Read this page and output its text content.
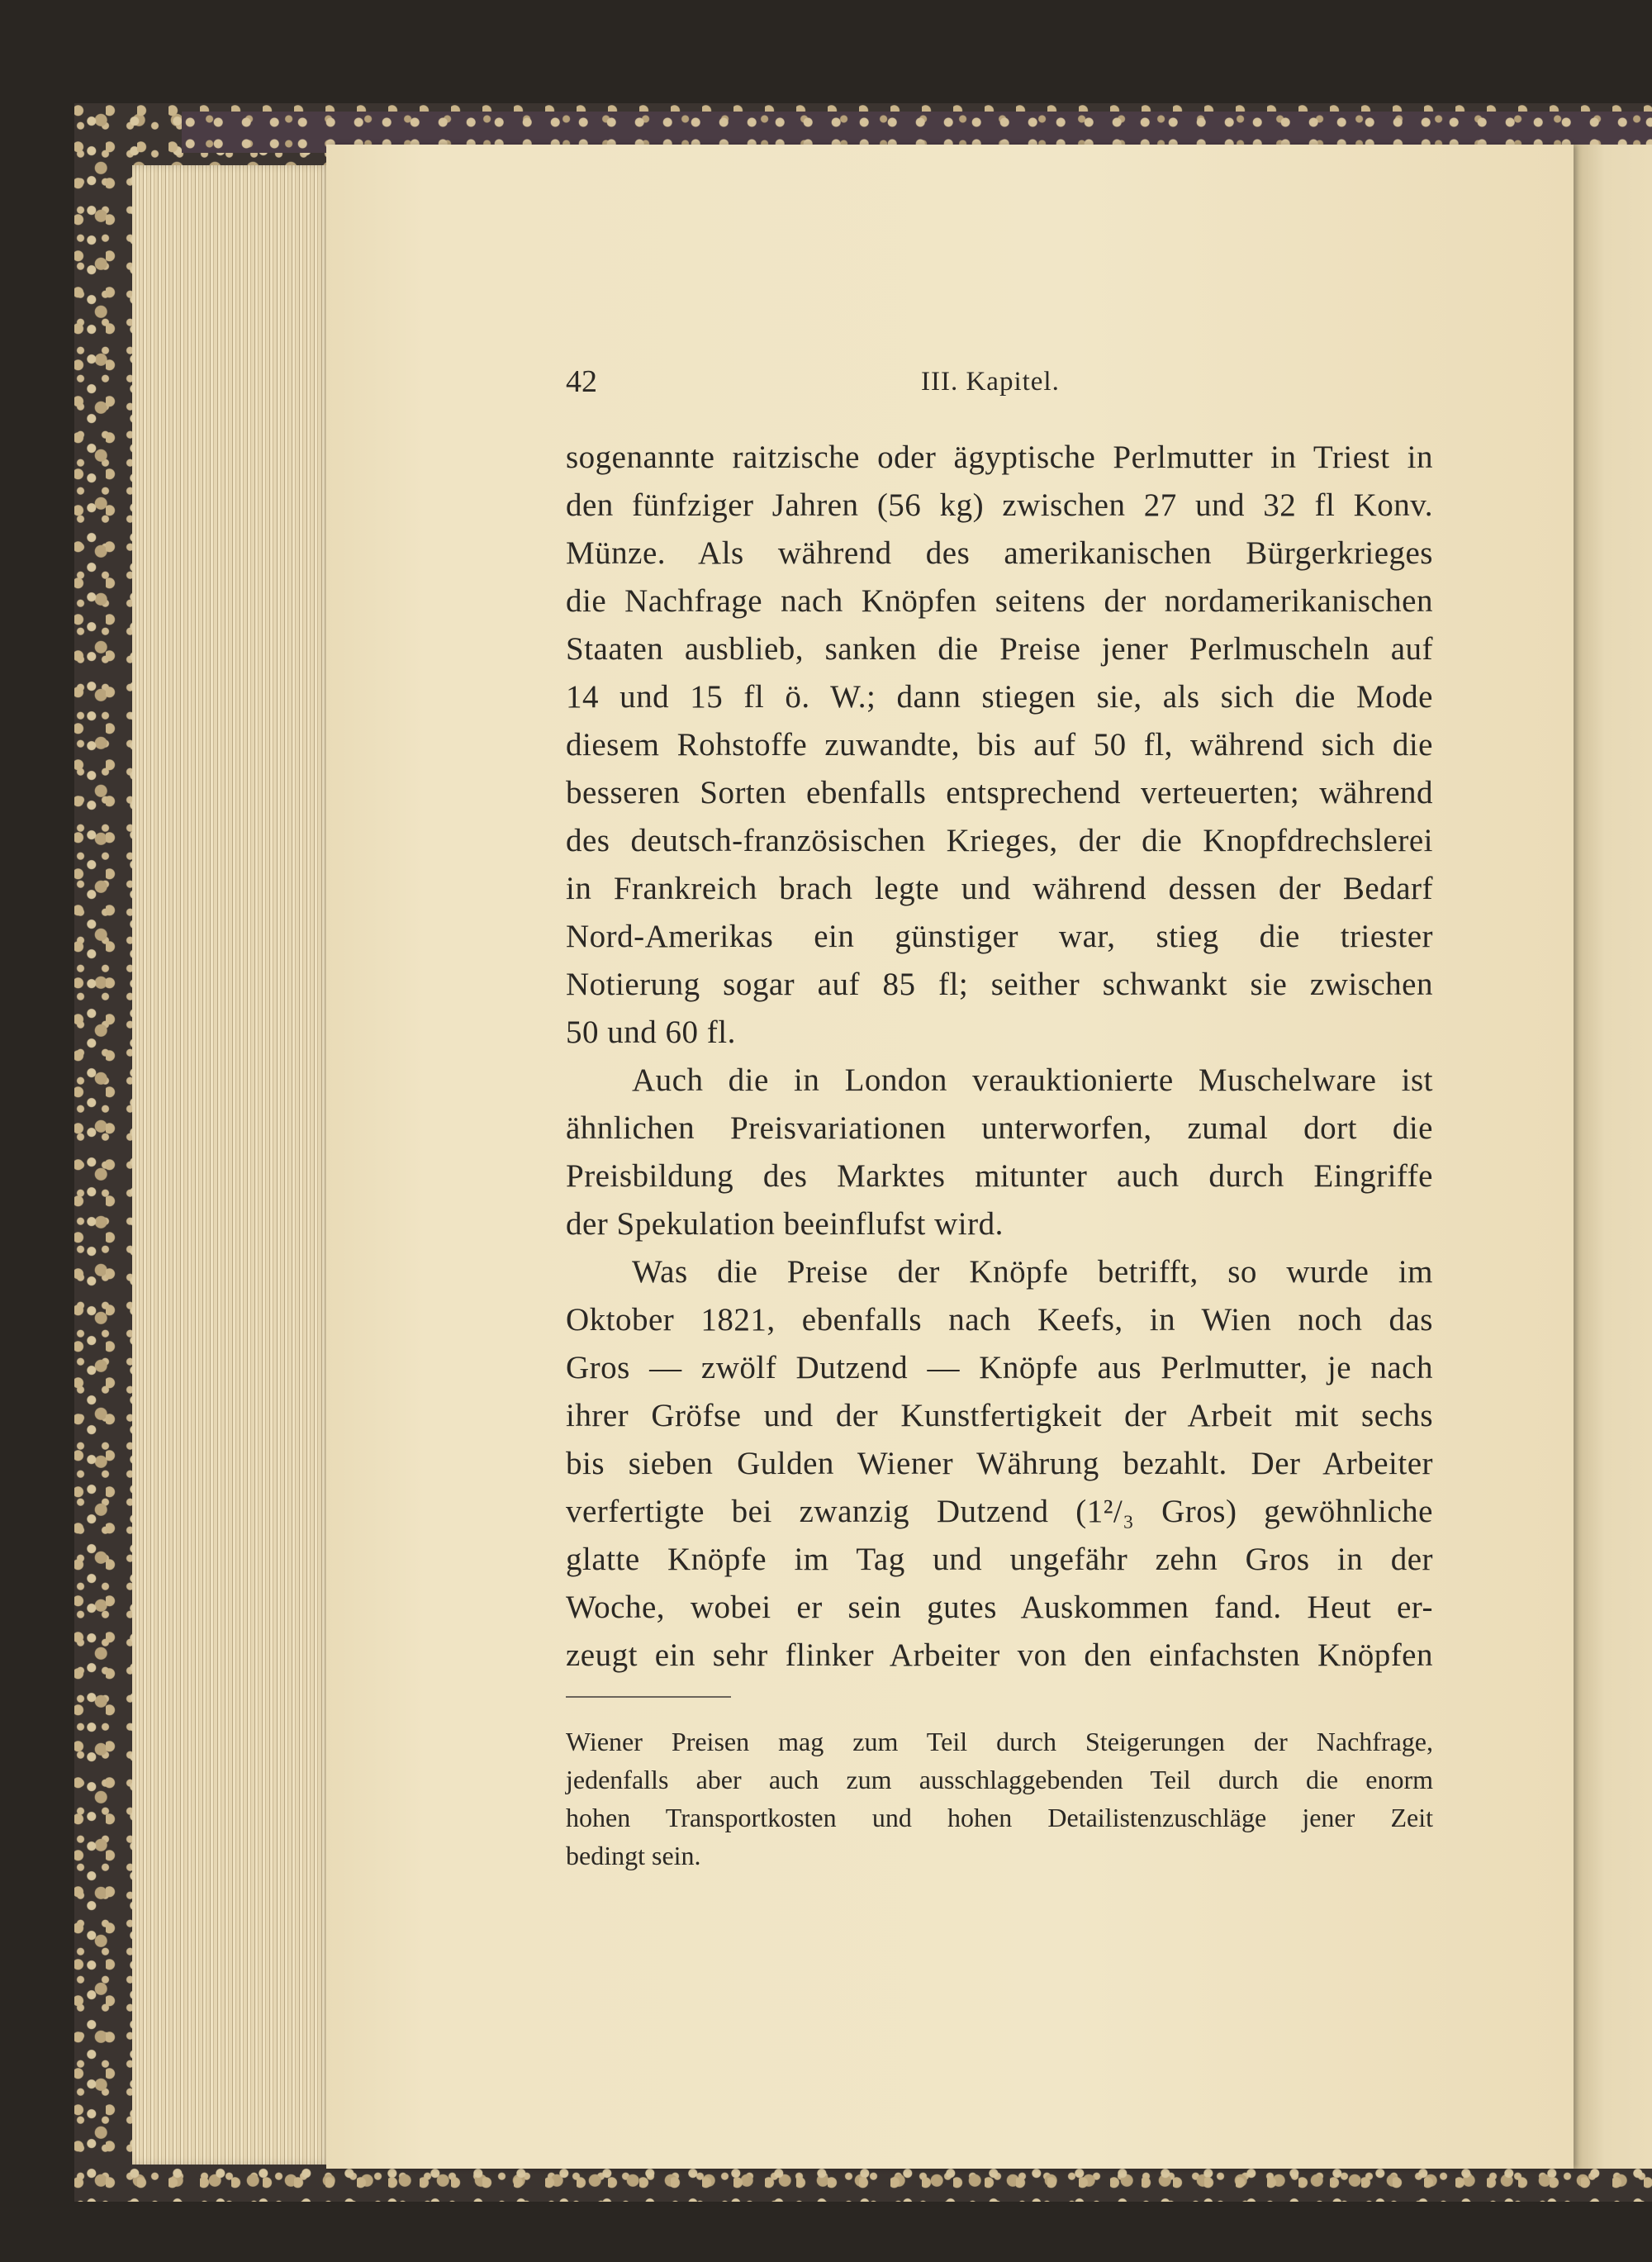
42	III. Kapitel.
sogenannte raitzische oder ägyptische Perlmutter in Triest in
den fünfziger Jahren (56 kg) zwischen 27 und 32 fl Konv.
Münze. Als während des amerikanischen Bürgerkrieges
die Nachfrage nach Knöpfen seitens der nordamerikanischen
Staaten ausblieb, sanken die Preise jener Perlmuscheln auf
14 und 15 fl ö. W.; dann stiegen sie, als sich die Mode
diesem Rohstoffe zuwandte, bis auf 50 fl, während sich die
besseren Sorten ebenfalls entsprechend verteuerten; während
des deutsch-französischen Krieges, der die Knopfdrechslerei
in Frankreich brach legte und während dessen der Bedarf
Nord-Amerikas ein günstiger war, stieg die triester
Notierung sogar auf 85 fl; seither schwankt sie zwischen
50 und 60 fl.
Auch die in London verauktionierte Muschelware ist
ähnlichen Preisvariationen unterworfen, zumal dort die
Preisbildung des Marktes mitunter auch durch Eingriffe
der Spekulation beeinflufst wird.
Was die Preise der Knöpfe betrifft, so wurde im
Oktober 1821, ebenfalls nach Keefs, in Wien noch das
Gros — zwölf Dutzend — Knöpfe aus Perlmutter, je nach
ihrer Gröfse und der Kunstfertigkeit der Arbeit mit sechs
bis sieben Gulden Wiener Währung bezahlt. Der Arbeiter
verfertigte bei zwanzig Dutzend (1²/₃ Gros) gewöhnliche
glatte Knöpfe im Tag und ungefähr zehn Gros in der
Woche, wobei er sein gutes Auskommen fand. Heut er-
zeugt ein sehr flinker Arbeiter von den einfachsten Knöpfen
Wiener Preisen mag zum Teil durch Steigerungen der Nachfrage,
jedenfalls aber auch zum ausschlaggebenden Teil durch die enorm
hohen Transportkosten und hohen Detailistenzuschläge jener Zeit
bedingt sein.
